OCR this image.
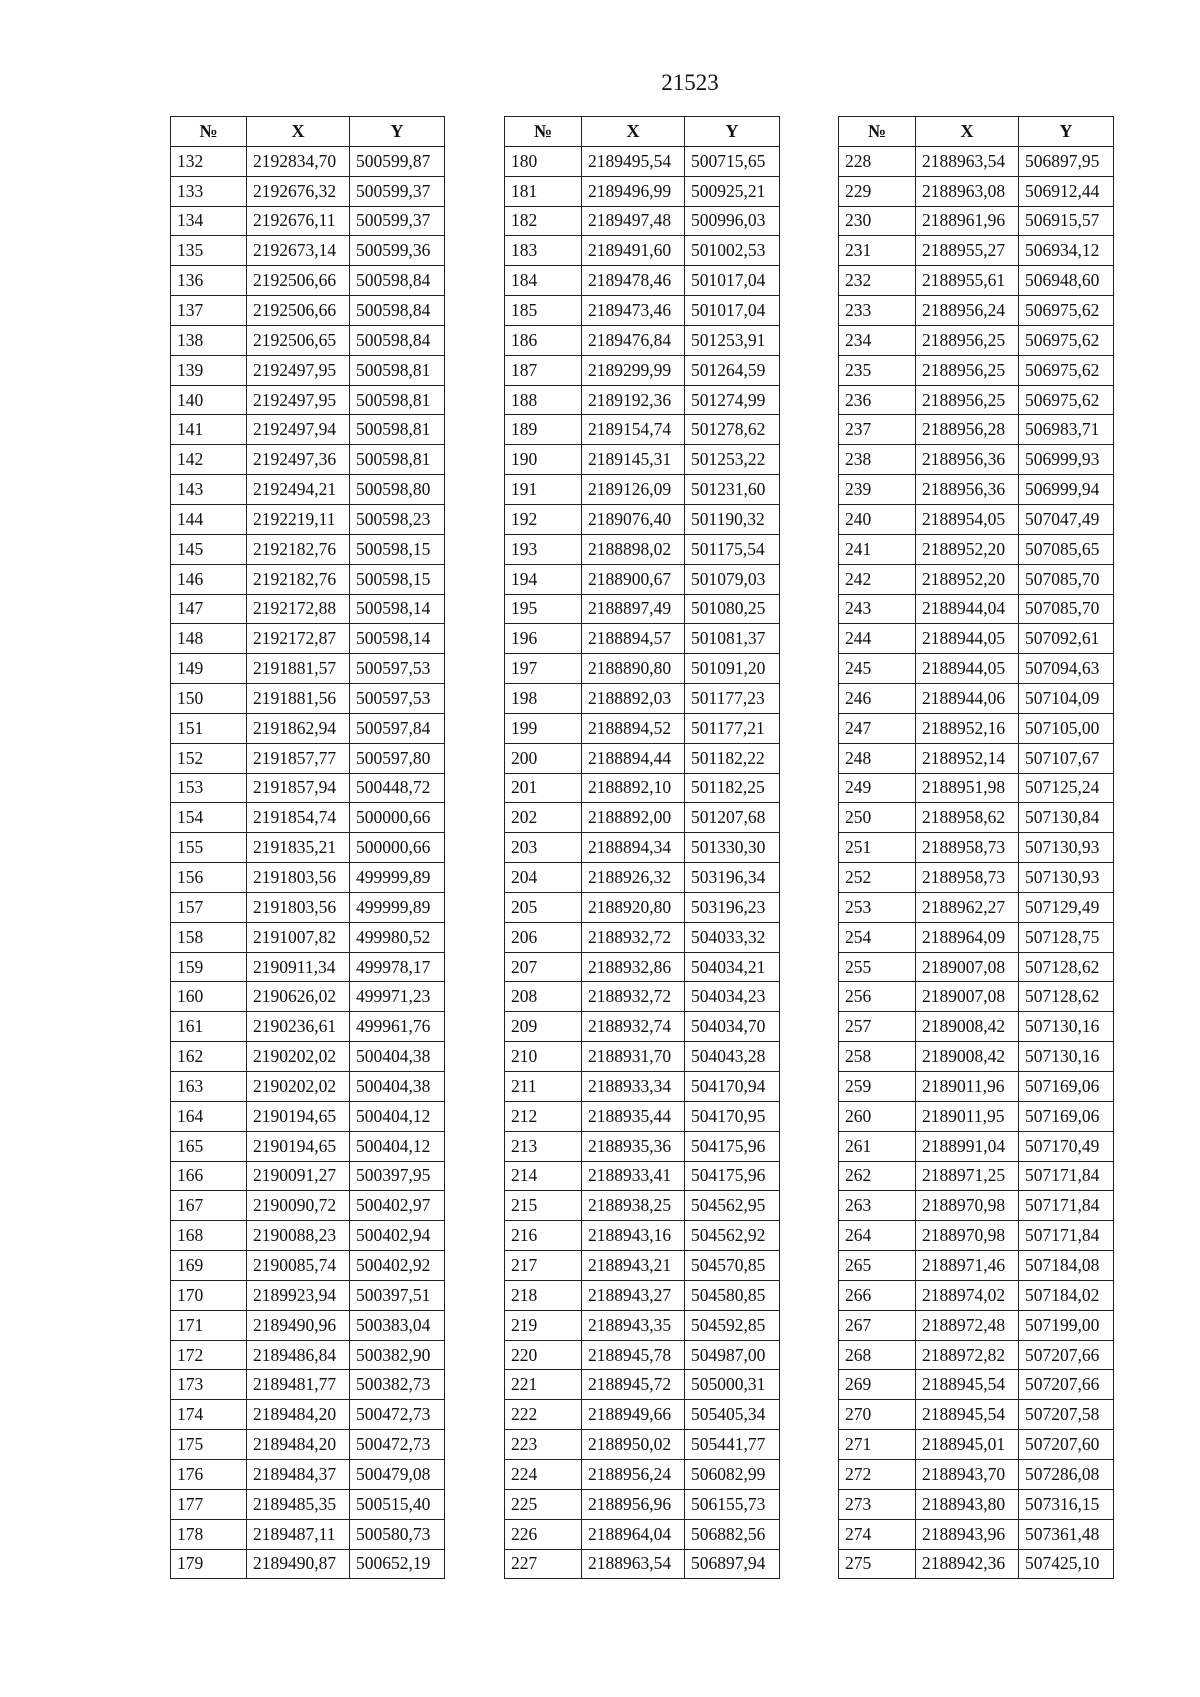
21523
№	X	Y
132	2192834,70	500599,87
133	2192676,32	500599,37
134	2192676,11	500599,37
135	2192673,14	500599,36
136	2192506,66	500598,84
137	2192506,66	500598,84
138	2192506,65	500598,84
139	2192497,95	500598,81
140	2192497,95	500598,81
141	2192497,94	500598,81
142	2192497,36	500598,81
143	2192494,21	500598,80
144	2192219,11	500598,23
145	2192182,76	500598,15
146	2192182,76	500598,15
147	2192172,88	500598,14
148	2192172,87	500598,14
149	2191881,57	500597,53
150	2191881,56	500597,53
151	2191862,94	500597,84
152	2191857,77	500597,80
153	2191857,94	500448,72
154	2191854,74	500000,66
155	2191835,21	500000,66
156	2191803,56	499999,89
157	2191803,56	499999,89
158	2191007,82	499980,52
159	2190911,34	499978,17
160	2190626,02	499971,23
161	2190236,61	499961,76
162	2190202,02	500404,38
163	2190202,02	500404,38
164	2190194,65	500404,12
165	2190194,65	500404,12
166	2190091,27	500397,95
167	2190090,72	500402,97
168	2190088,23	500402,94
169	2190085,74	500402,92
170	2189923,94	500397,51
171	2189490,96	500383,04
172	2189486,84	500382,90
173	2189481,77	500382,73
174	2189484,20	500472,73
175	2189484,20	500472,73
176	2189484,37	500479,08
177	2189485,35	500515,40
178	2189487,11	500580,73
179	2189490,87	500652,19
№	X	Y
180	2189495,54	500715,65
181	2189496,99	500925,21
182	2189497,48	500996,03
183	2189491,60	501002,53
184	2189478,46	501017,04
185	2189473,46	501017,04
186	2189476,84	501253,91
187	2189299,99	501264,59
188	2189192,36	501274,99
189	2189154,74	501278,62
190	2189145,31	501253,22
191	2189126,09	501231,60
192	2189076,40	501190,32
193	2188898,02	501175,54
194	2188900,67	501079,03
195	2188897,49	501080,25
196	2188894,57	501081,37
197	2188890,80	501091,20
198	2188892,03	501177,23
199	2188894,52	501177,21
200	2188894,44	501182,22
201	2188892,10	501182,25
202	2188892,00	501207,68
203	2188894,34	501330,30
204	2188926,32	503196,34
205	2188920,80	503196,23
206	2188932,72	504033,32
207	2188932,86	504034,21
208	2188932,72	504034,23
209	2188932,74	504034,70
210	2188931,70	504043,28
211	2188933,34	504170,94
212	2188935,44	504170,95
213	2188935,36	504175,96
214	2188933,41	504175,96
215	2188938,25	504562,95
216	2188943,16	504562,92
217	2188943,21	504570,85
218	2188943,27	504580,85
219	2188943,35	504592,85
220	2188945,78	504987,00
221	2188945,72	505000,31
222	2188949,66	505405,34
223	2188950,02	505441,77
224	2188956,24	506082,99
225	2188956,96	506155,73
226	2188964,04	506882,56
227	2188963,54	506897,94
№	X	Y
228	2188963,54	506897,95
229	2188963,08	506912,44
230	2188961,96	506915,57
231	2188955,27	506934,12
232	2188955,61	506948,60
233	2188956,24	506975,62
234	2188956,25	506975,62
235	2188956,25	506975,62
236	2188956,25	506975,62
237	2188956,28	506983,71
238	2188956,36	506999,93
239	2188956,36	506999,94
240	2188954,05	507047,49
241	2188952,20	507085,65
242	2188952,20	507085,70
243	2188944,04	507085,70
244	2188944,05	507092,61
245	2188944,05	507094,63
246	2188944,06	507104,09
247	2188952,16	507105,00
248	2188952,14	507107,67
249	2188951,98	507125,24
250	2188958,62	507130,84
251	2188958,73	507130,93
252	2188958,73	507130,93
253	2188962,27	507129,49
254	2188964,09	507128,75
255	2189007,08	507128,62
256	2189007,08	507128,62
257	2189008,42	507130,16
258	2189008,42	507130,16
259	2189011,96	507169,06
260	2189011,95	507169,06
261	2188991,04	507170,49
262	2188971,25	507171,84
263	2188970,98	507171,84
264	2188970,98	507171,84
265	2188971,46	507184,08
266	2188974,02	507184,02
267	2188972,48	507199,00
268	2188972,82	507207,66
269	2188945,54	507207,66
270	2188945,54	507207,58
271	2188945,01	507207,60
272	2188943,70	507286,08
273	2188943,80	507316,15
274	2188943,96	507361,48
275	2188942,36	507425,10
